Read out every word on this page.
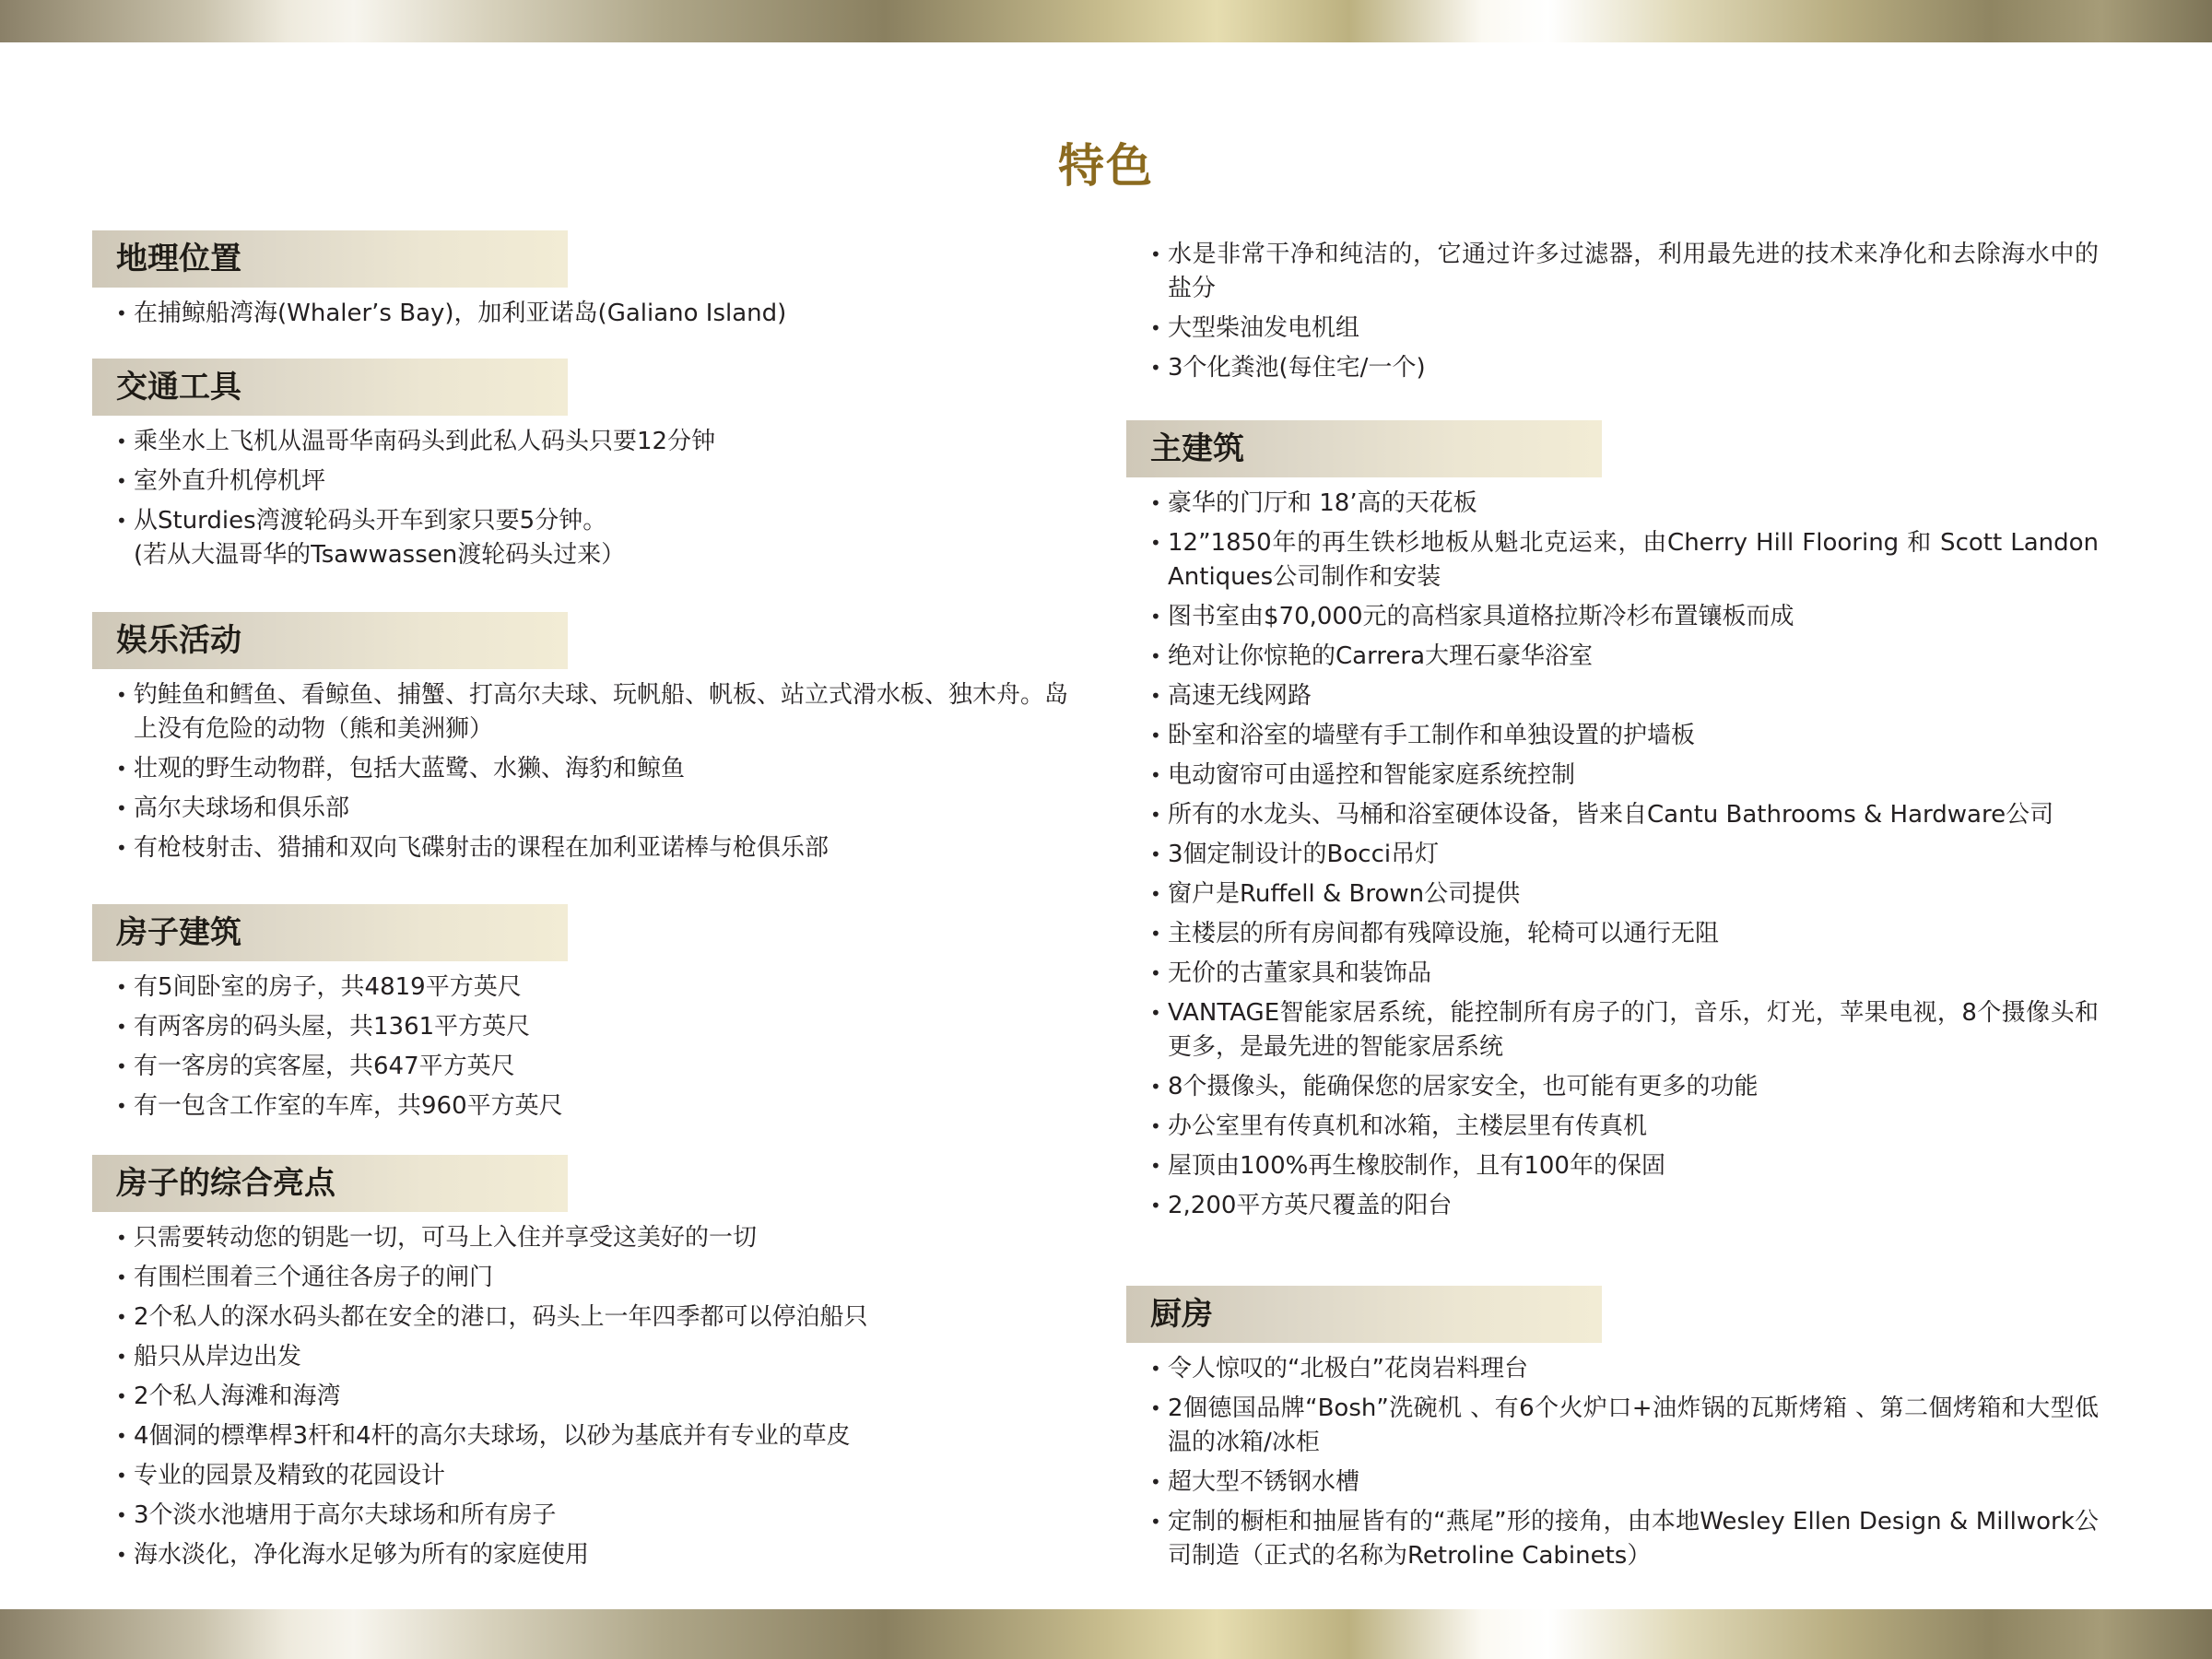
特色
地理位置
• 在捕鲸船湾海(Whaler’s Bay)，加利亚诺岛(Galiano Island)
交通工具
• 乘坐水上飞机从温哥华南码头到此私人码头只要12分钟
• 室外直升机停机坪
• 从Sturdies湾渡轮码头开车到家只要5分钟。
(若从大温哥华的Tsawwassen渡轮码头过来）
娱乐活动
• 钓鲑鱼和鳕鱼、看鲸鱼、捕蟹、打高尔夫球、玩帆船、帆板、站立式滑水板、独木舟。岛上没有危险的动物（熊和美洲狮）
• 壮观的野生动物群，包括大蓝鹭、水獭、海豹和鲸鱼
• 高尔夫球场和俱乐部
• 有枪枝射击、猎捕和双向飞碟射击的课程在加利亚诺棒与枪俱乐部
房子建筑
• 有5间卧室的房子，共4819平方英尺
• 有两客房的码头屋，共1361平方英尺
• 有一客房的宾客屋，共647平方英尺
• 有一包含工作室的车库，共960平方英尺
房子的综合亮点
• 只需要转动您的钥匙一切，可马上入住并享受这美好的一切
• 有围栏围着三个通往各房子的闸门
• 2个私人的深水码头都在安全的港口，码头上一年四季都可以停泊船只
• 船只从岸边出发
• 2个私人海滩和海湾
• 4個洞的標準桿3杆和4杆的高尔夫球场，以砂为基底并有专业的草皮
• 专业的园景及精致的花园设计
• 3个淡水池塘用于高尔夫球场和所有房子
• 海水淡化，净化海水足够为所有的家庭使用
• 水是非常干净和纯洁的，它通过许多过滤器，利用最先进的技术来净化和去除海水中的盐分
• 大型柴油发电机组
• 3个化粪池(每住宅/一个)
主建筑
• 豪华的门厅和 18’高的天花板
• 12”1850年的再生铁杉地板从魁北克运来，由Cherry Hill Flooring 和 Scott Landon Antiques公司制作和安装
• 图书室由$70,000元的高档家具道格拉斯冷杉布置镶板而成
• 绝对让你惊艳的Carrera大理石豪华浴室
• 高速无线网路
• 卧室和浴室的墙壁有手工制作和单独设置的护墙板
• 电动窗帘可由遥控和智能家庭系统控制
• 所有的水龙头、马桶和浴室硬体设备，皆来自Cantu Bathrooms & Hardware公司
• 3個定制设计的Bocci吊灯
• 窗户是Ruffell & Brown公司提供
• 主楼层的所有房间都有残障设施，轮椅可以通行无阻
• 无价的古董家具和装饰品
• VANTAGE智能家居系统，能控制所有房子的门，音乐，灯光，苹果电视，8个摄像头和更多，是最先进的智能家居系统
• 8个摄像头，能确保您的居家安全，也可能有更多的功能
• 办公室里有传真机和冰箱，主楼层里有传真机
• 屋顶由100%再生橡胶制作，且有100年的保固
• 2,200平方英尺覆盖的阳台
厨房
• 令人惊叹的“北极白”花岗岩料理台
• 2個德国品牌“Bosh”洗碗机 、有6个火炉口+油炸锅的瓦斯烤箱 、第二個烤箱和大型低温的冰箱/冰柜
• 超大型不锈钢水槽
• 定制的橱柜和抽屉皆有的“燕尾”形的接角，由本地Wesley Ellen Design & Millwork公司制造（正式的名称为Retroline Cabinets）
